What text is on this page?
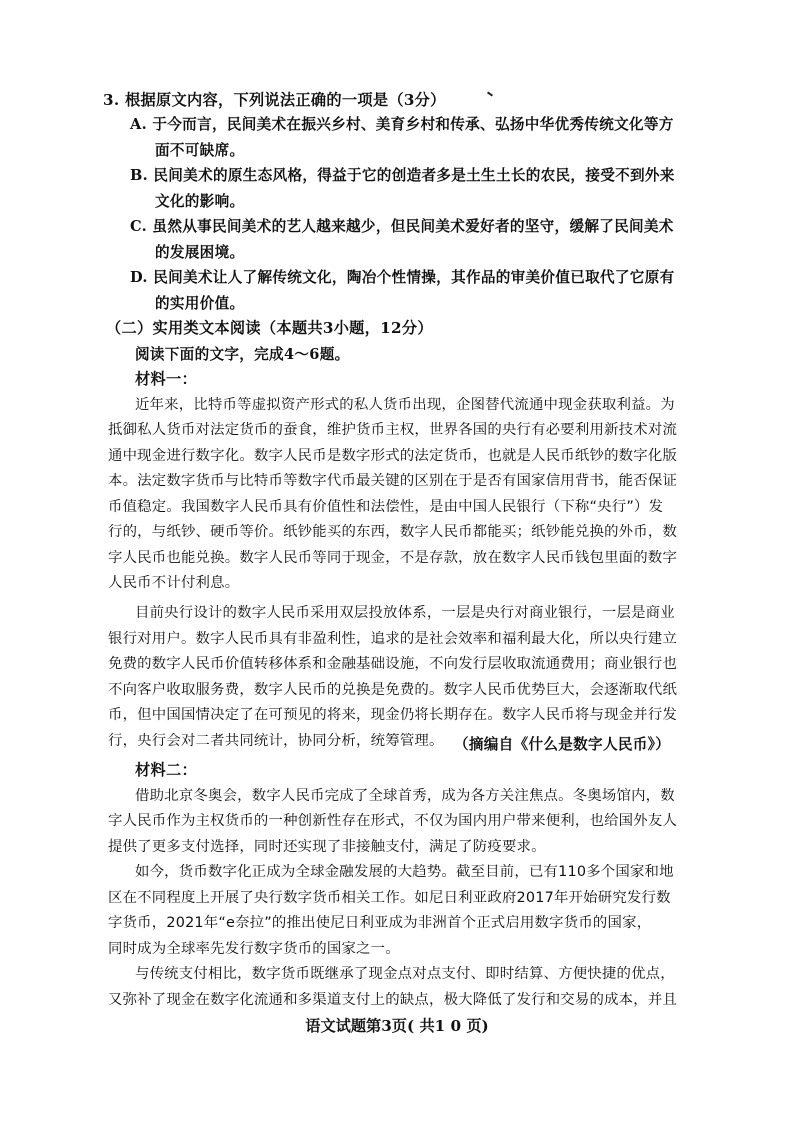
3. 根据原文内容，下列说法正确的一项是（3分）

A. 于今而言，民间美术在振兴乡村、美育乡村和传承、弘扬中华优秀传统文化等方

面不可缺席。

B. 民间美术的原生态风格，得益于它的创造者多是土生土长的农民，接受不到外来

文化的影响。

C. 虽然从事民间美术的艺人越来越少，但民间美术爱好者的坚守，缓解了民间美术

的发展困境。

D. 民间美术让人了解传统文化，陶冶个性情操，其作品的审美价值已取代了它原有

的实用价值。

（二）实用类文本阅读（本题共3小题，12分）

阅读下面的文字，完成4～6题。

材料一：

近年来，比特币等虚拟资产形式的私人货币出现，企图替代流通中现金获取利益。为

抵御私人货币对法定货币的蚕食，维护货币主权，世界各国的央行有必要利用新技术对流

通中现金进行数字化。数字人民币是数字形式的法定货币，也就是人民币纸钞的数字化版

本。法定数字货币与比特币等数字代币最关键的区别在于是否有国家信用背书，能否保证

币值稳定。我国数字人民币具有价值性和法偿性，是由中国人民银行（下称“央行”）发

行的，与纸钞、硬币等价。纸钞能买的东西，数字人民币都能买；纸钞能兑换的外币，数

字人民币也能兑换。数字人民币等同于现金，不是存款，放在数字人民币钱包里面的数字

人民币不计付利息。

目前央行设计的数字人民币采用双层投放体系，一层是央行对商业银行，一层是商业

银行对用户。数字人民币具有非盈利性，追求的是社会效率和福利最大化，所以央行建立

免费的数字人民币价值转移体系和金融基础设施，不向发行层收取流通费用；商业银行也

不向客户收取服务费，数字人民币的兑换是免费的。数字人民币优势巨大，会逐渐取代纸

币，但中国国情决定了在可预见的将来，现金仍将长期存在。数字人民币将与现金并行发

行，央行会对二者共同统计，协同分析，统筹管理。 （摘编自《什么是数字人民币》）

材料二：

借助北京冬奥会，数字人民币完成了全球首秀，成为各方关注焦点。冬奥场馆内，数

字人民币作为主权货币的一种创新性存在形式，不仅为国内用户带来便利，也给国外友人

提供了更多支付选择，同时还实现了非接触支付，满足了防疫要求。

如今，货币数字化正成为全球金融发展的大趋势。截至目前，已有110多个国家和地

区在不同程度上开展了央行数字货币相关工作。如尼日利亚政府2017年开始研究发行数

字货币，2021年“e奈拉”的推出使尼日利亚成为非洲首个正式启用数字货币的国家，

同时成为全球率先发行数字货币的国家之一。

与传统支付相比，数字货币既继承了现金点对点支付、即时结算、方便快捷的优点，

又弥补了现金在数字化流通和多渠道支付上的缺点，极大降低了发行和交易的成本，并且

语文试题第3页( 共1 0 页)
